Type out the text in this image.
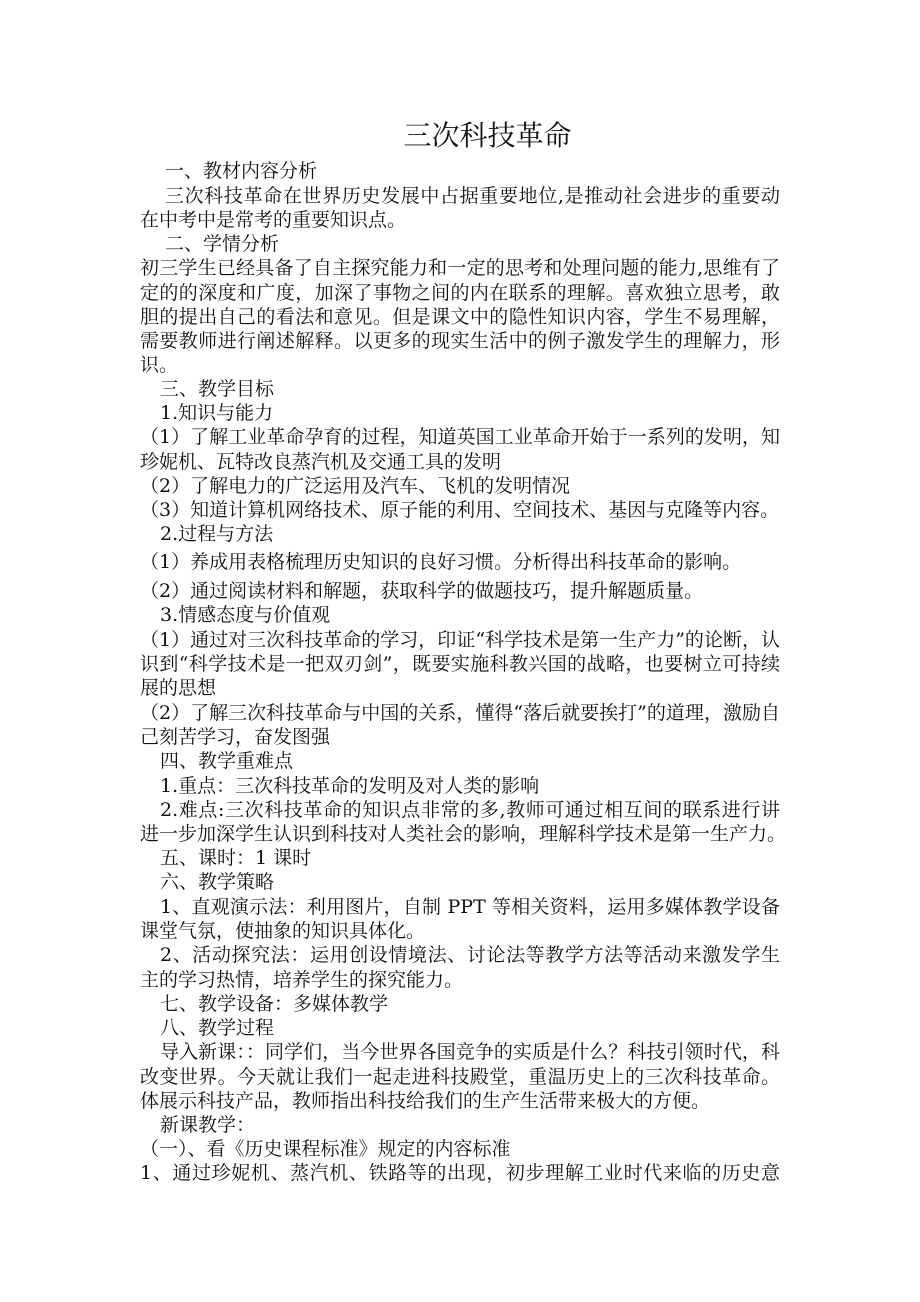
三次科技革命
一、教材内容分析
三次科技革命在世界历史发展中占据重要地位,是推动社会进步的重要动
在中考中是常考的重要知识点。
二、学情分析
初三学生已经具备了自主探究能力和一定的思考和处理问题的能力,思维有了
定的的深度和广度，加深了事物之间的内在联系的理解。喜欢独立思考，敢
胆的提出自己的看法和意见。但是课文中的隐性知识内容，学生不易理解，
需要教师进行阐述解释。以更多的现实生活中的例子激发学生的理解力，形
识。
三、教学目标
1.知识与能力
（1）了解工业革命孕育的过程，知道英国工业革命开始于一系列的发明，知
珍妮机、瓦特改良蒸汽机及交通工具的发明
（2）了解电力的广泛运用及汽车、飞机的发明情况
（3）知道计算机网络技术、原子能的利用、空间技术、基因与克隆等内容。
2.过程与方法
（1）养成用表格梳理历史知识的良好习惯。分析得出科技革命的影响。
（2）通过阅读材料和解题，获取科学的做题技巧，提升解题质量。
3.情感态度与价值观
（1）通过对三次科技革命的学习，印证“科学技术是第一生产力”的论断，认
识到“科学技术是一把双刃剑”，既要实施科教兴国的战略，也要树立可持续
展的思想
（2）了解三次科技革命与中国的关系，懂得“落后就要挨打”的道理，激励自
己刻苦学习，奋发图强
四、教学重难点
1.重点：三次科技革命的发明及对人类的影响
2.难点:三次科技革命的知识点非常的多,教师可通过相互间的联系进行讲
进一步加深学生认识到科技对人类社会的影响，理解科学技术是第一生产力。
五、课时：1 课时
六、教学策略
1、直观演示法：利用图片，自制 PPT 等相关资料，运用多媒体教学设备
课堂气氛，使抽象的知识具体化。
2、活动探究法：运用创设情境法、讨论法等教学方法等活动来激发学生
主的学习热情，培养学生的探究能力。
七、教学设备：多媒体教学
八、教学过程
导入新课：：同学们，当今世界各国竞争的实质是什么？科技引领时代，科
改变世界。今天就让我们一起走进科技殿堂，重温历史上的三次科技革命。
体展示科技产品，教师指出科技给我们的生产生活带来极大的方便。
新课教学：
（一）、看《历史课程标准》规定的内容标准
1、通过珍妮机、蒸汽机、铁路等的出现，初步理解工业时代来临的历史意
